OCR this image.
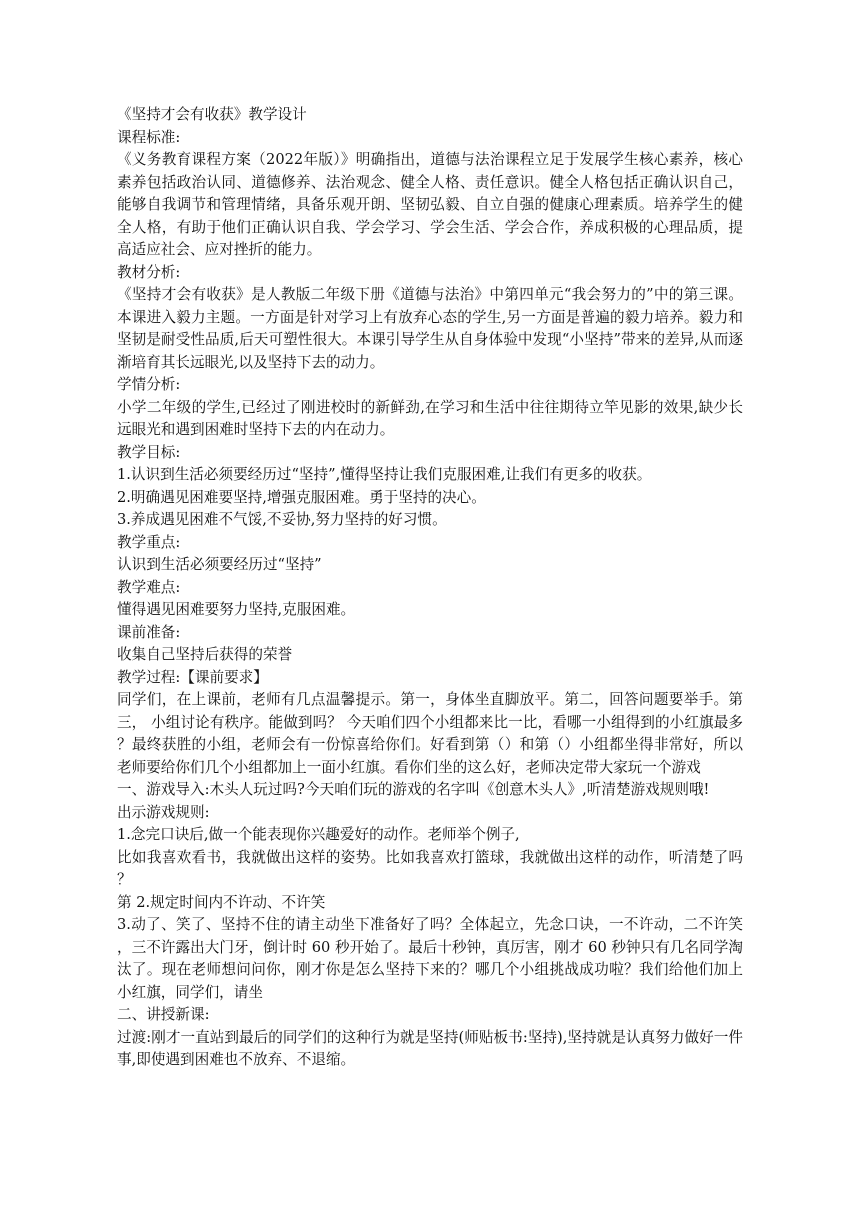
《坚持才会有收获》教学设计
课程标准:
《义务教育课程方案（2022年版）》明确指出，道德与法治课程立足于发展学生核心素养，核心素养包括政治认同、道德修养、法治观念、健全人格、责任意识。健全人格包括正确认识自己，能够自我调节和管理情绪，具备乐观开朗、坚韧弘毅、自立自强的健康心理素质。培养学生的健全人格，有助于他们正确认识自我、学会学习、学会生活、学会合作，养成积极的心理品质，提高适应社会、应对挫折的能力。
教材分析:
《坚持才会有收获》是人教版二年级下册《道德与法治》中第四单元“我会努力的”中的第三课。本课进入毅力主题。一方面是针对学习上有放弃心态的学生,另一方面是普遍的毅力培养。毅力和坚韧是耐受性品质,后天可塑性很大。本课引导学生从自身体验中发现“小坚持”带来的差异,从而逐渐培育其长远眼光,以及坚持下去的动力。
学情分析:
小学二年级的学生,已经过了刚进校时的新鲜劲,在学习和生活中往往期待立竿见影的效果,缺少长远眼光和遇到困难时坚持下去的内在动力。
教学目标:
1.认识到生活必须要经历过“坚持”,懂得坚持让我们克服困难,让我们有更多的收获。
2.明确遇见困难要坚持,增强克服困难。勇于坚持的决心。
3.养成遇见困难不气馁,不妥协,努力坚持的好习惯。
教学重点:
认识到生活必须要经历过“坚持”
教学难点:
懂得遇见困难要努力坚持,克服困难。
课前准备:
收集自己坚持后获得的荣誉
教学过程:【课前要求】
同学们，在上课前，老师有几点温馨提示。第一，身体坐直脚放平。第二，回答问题要举手。第三， 小组讨论有秩序。能做到吗？ 今天咱们四个小组都来比一比，看哪一小组得到的小红旗最多？最终获胜的小组，老师会有一份惊喜给你们。好看到第（）和第（）小组都坐得非常好，所以老师要给你们几个小组都加上一面小红旗。看你们坐的这么好，老师决定带大家玩一个游戏
一、游戏导入:木头人玩过吗?今天咱们玩的游戏的名字叫《创意木头人》,听清楚游戏规则哦!
出示游戏规则:
1.念完口诀后,做一个能表现你兴趣爱好的动作。老师举个例子,
比如我喜欢看书，我就做出这样的姿势。比如我喜欢打篮球，我就做出这样的动作，听清楚了吗？
第 2.规定时间内不许动、不许笑
3.动了、笑了、坚持不住的请主动坐下准备好了吗？全体起立，先念口诀，一不许动，二不许笑，三不许露出大门牙，倒计时 60 秒开始了。最后十秒钟，真厉害，刚才 60 秒钟只有几名同学淘汰了。现在老师想问问你，刚才你是怎么坚持下来的？哪几个小组挑战成功啦？我们给他们加上小红旗，同学们，请坐
二、讲授新课:
过渡:刚才一直站到最后的同学们的这种行为就是坚持(师贴板书:坚持),坚持就是认真努力做好一件事,即使遇到困难也不放弃、不退缩。
